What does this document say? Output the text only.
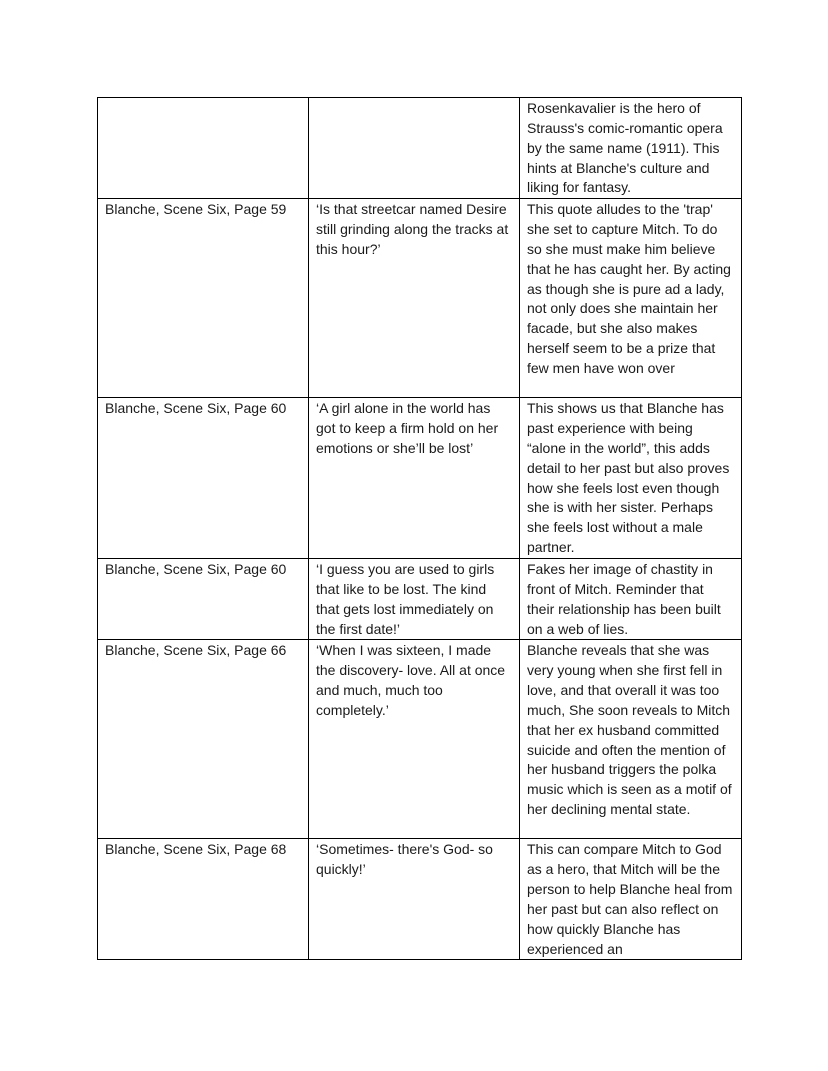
		Rosenkavalier is the hero of Strauss's comic-romantic opera by the same name (1911). This hints at Blanche's culture and liking for fantasy.
Blanche, Scene Six, Page 59	‘Is that streetcar named Desire still grinding along the tracks at this hour?’	This quote alludes to the 'trap' she set to capture Mitch. To do so she must make him believe that he has caught her. By acting as though she is pure ad a lady, not only does she maintain her facade, but she also makes herself seem to be a prize that few men have won over
Blanche, Scene Six, Page 60	‘A girl alone in the world has got to keep a firm hold on her emotions or she’ll be lost’	This shows us that Blanche has past experience with being “alone in the world”, this adds detail to her past but also proves how she feels lost even though she is with her sister. Perhaps she feels lost without a male partner.
Blanche, Scene Six, Page 60	‘I guess you are used to girls that like to be lost. The kind that gets lost immediately on the first date!’	Fakes her image of chastity in front of Mitch. Reminder that their relationship has been built on a web of lies.
Blanche, Scene Six, Page 66	‘When I was sixteen, I made the discovery- love. All at once and much, much too completely.’	Blanche reveals that she was very young when she first fell in love, and that overall it was too much, She soon reveals to Mitch that her ex husband committed suicide and often the mention of her husband triggers the polka music which is seen as a motif of her declining mental state.
Blanche, Scene Six, Page 68	‘Sometimes- there's God- so quickly!’	This can compare Mitch to God as a hero, that Mitch will be the person to help Blanche heal from her past but can also reflect on how quickly Blanche has experienced an
